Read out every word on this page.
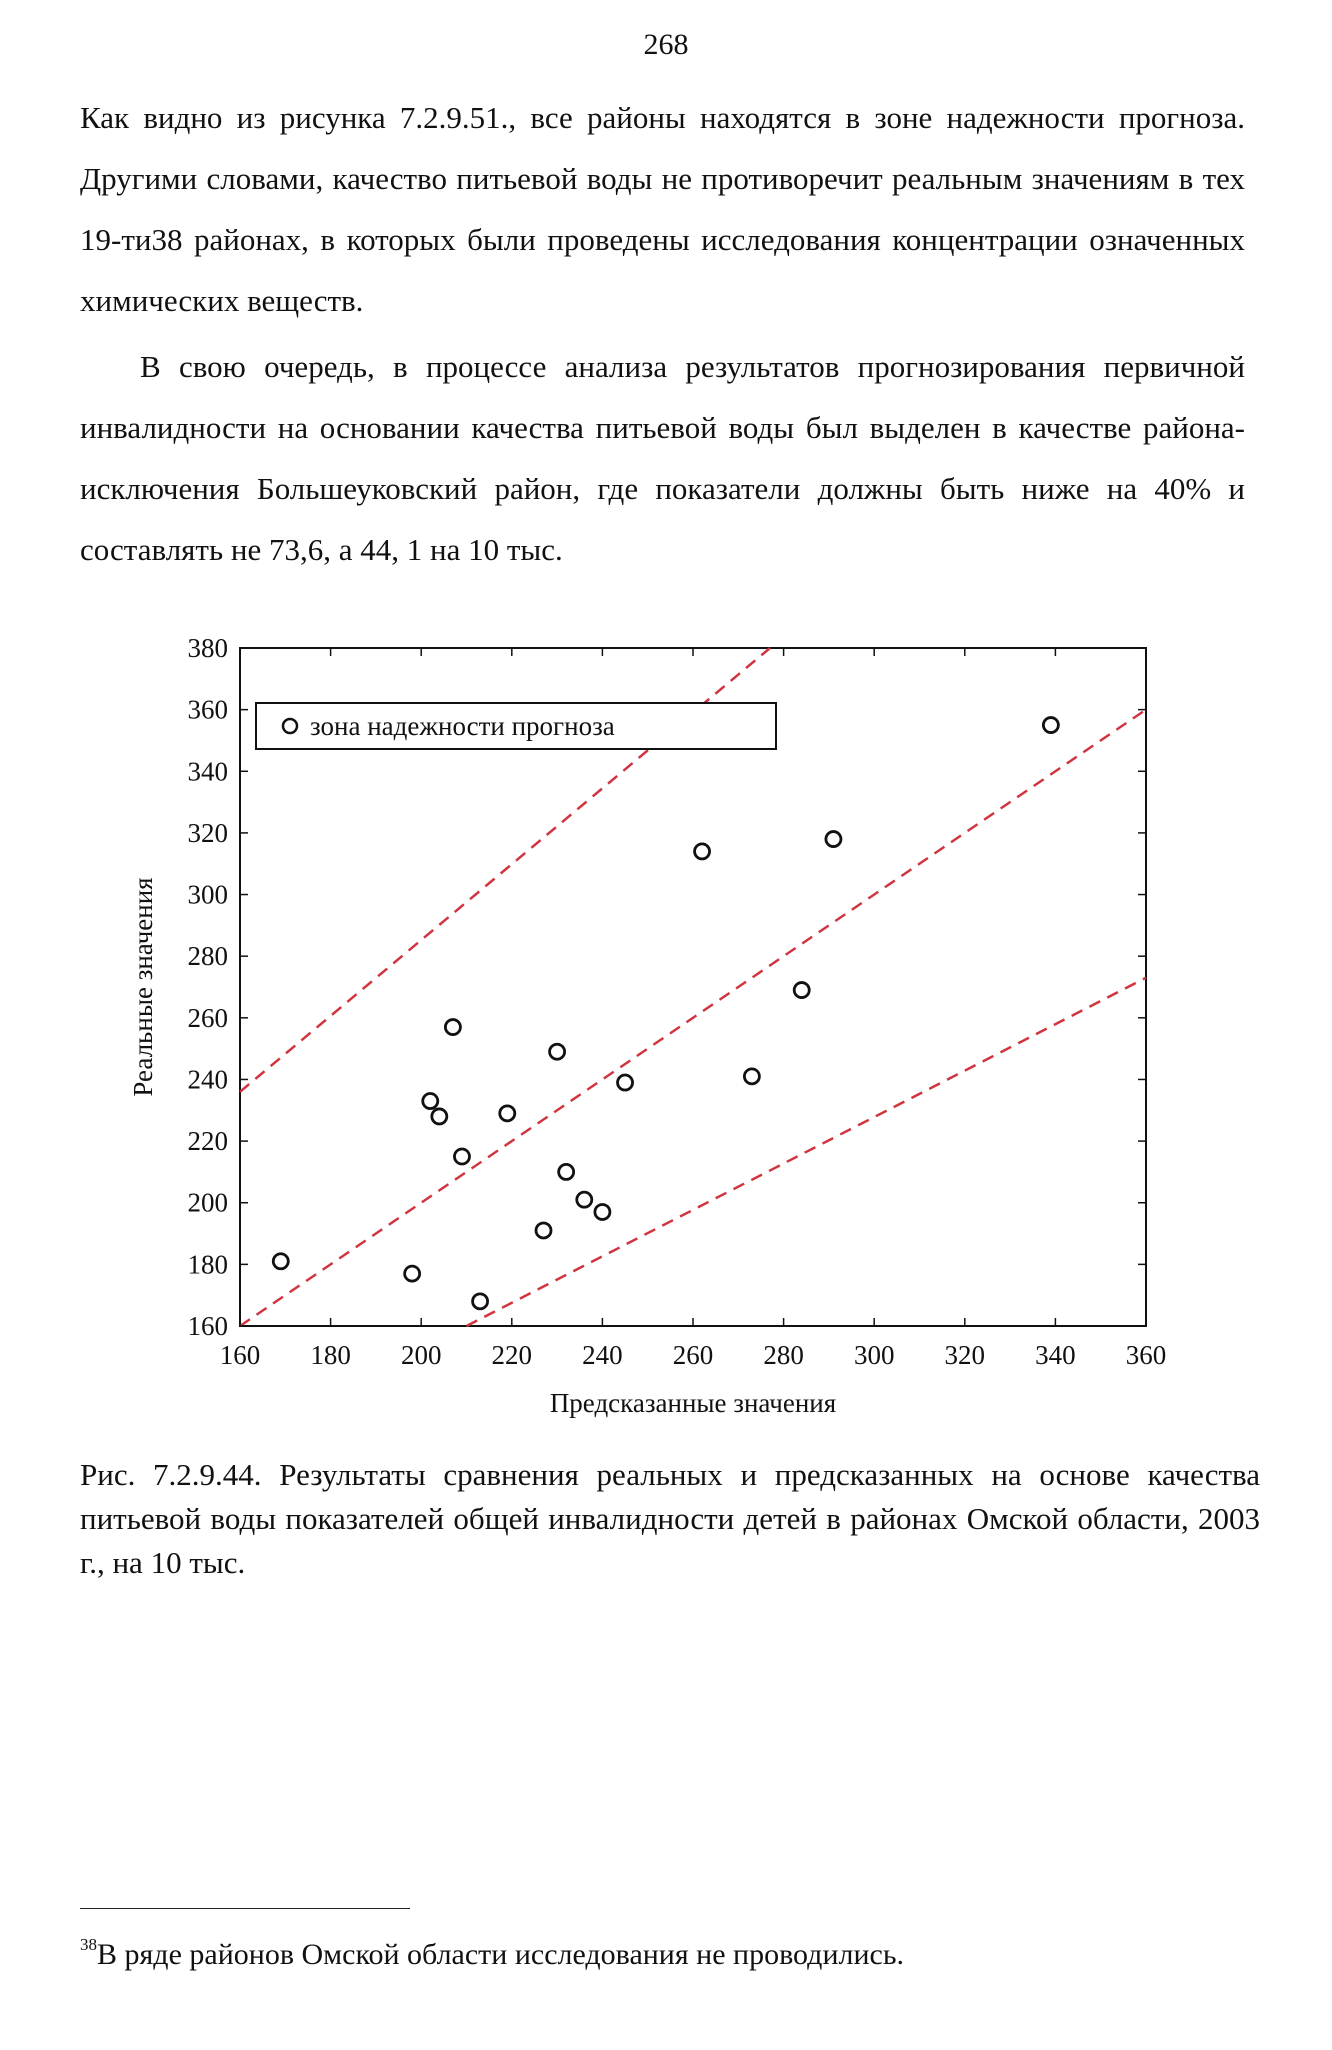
268

Как видно из рисунка 7.2.9.51., все районы находятся в зоне надежности прогноза. Другими словами, качество питьевой воды не противоречит реальным значениям в тех 19-ти38 районах, в которых были проведены исследования концентрации означенных химических веществ.

В свою очередь, в процессе анализа результатов прогнозирования первичной инвалидности на основании качества питьевой воды был выделен в качестве района-исключения Большеуковский район, где показатели должны быть ниже на 40% и составлять не 73,6, а 44, 1 на 10 тыс.

160 180 200 220 240 260 280 300 320 340 360
160
180
200
220
240
260
280
300
320
340
360
380
зона надежности прогноза
Предсказанные значения
Реальные значения

Рис. 7.2.9.44. Результаты сравнения реальных и предсказанных на основе качества питьевой воды показателей общей инвалидности детей в районах Омской области, 2003 г., на 10 тыс.

$^{38}$В ряде районов Омской области исследования не проводились.
